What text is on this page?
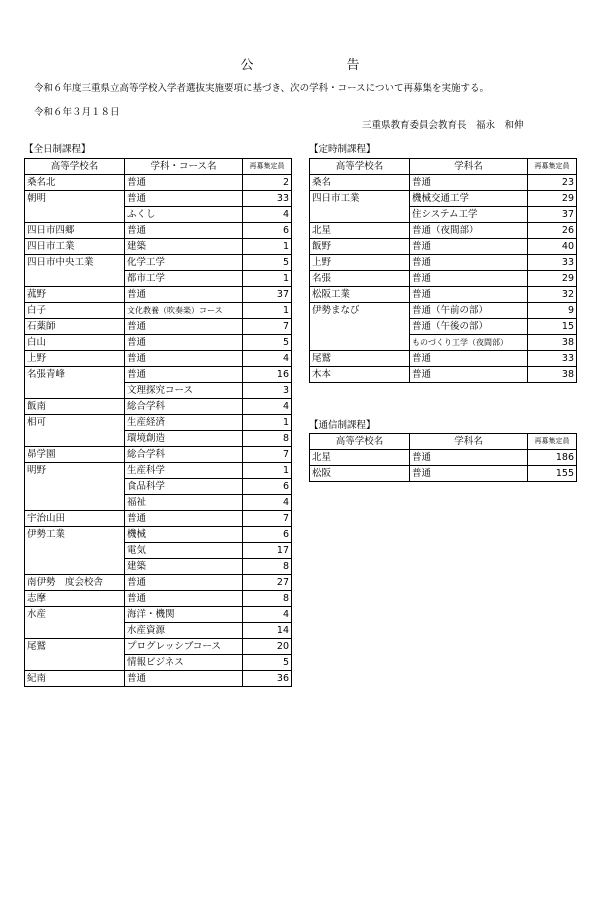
公　告
令和６年度三重県立高等学校入学者選抜実施要項に基づき、次の学科・コースについて再募集を実施する。
令和６年３月１８日
三重県教育委員会教育長　福永　和伸
【全日制課程】
高等学校名	学科・コース名	再募集定員
桑名北	普通	2
朝明	普通	33
	ふくし	4
四日市四郷	普通	6
四日市工業	建築	1
四日市中央工業	化学工学	5
	都市工学	1
菰野	普通	37
白子	文化教養（吹奏楽）コース	1
石薬師	普通	7
白山	普通	5
上野	普通	4
名張青峰	普通	16
	文理探究コース	3
飯南	総合学科	4
相可	生産経済	1
	環境創造	8
昴学園	総合学科	7
明野	生産科学	1
	食品科学	6
	福祉	4
宇治山田	普通	7
伊勢工業	機械	6
	電気	17
	建築	8
南伊勢　度会校舎	普通	27
志摩	普通	8
水産	海洋・機関	4
	水産資源	14
尾鷲	プログレッシブコース	20
	情報ビジネス	5
紀南	普通	36
【定時制課程】
高等学校名	学科名	再募集定員
桑名	普通	23
四日市工業	機械交通工学	29
	住システム工学	37
北星	普通（夜間部）	26
飯野	普通	40
上野	普通	33
名張	普通	29
松阪工業	普通	32
伊勢まなび	普通（午前の部）	9
	普通（午後の部）	15
	ものづくり工学（夜間部）	38
尾鷲	普通	33
木本	普通	38
【通信制課程】
高等学校名	学科名	再募集定員
北星	普通	186
松阪	普通	155
